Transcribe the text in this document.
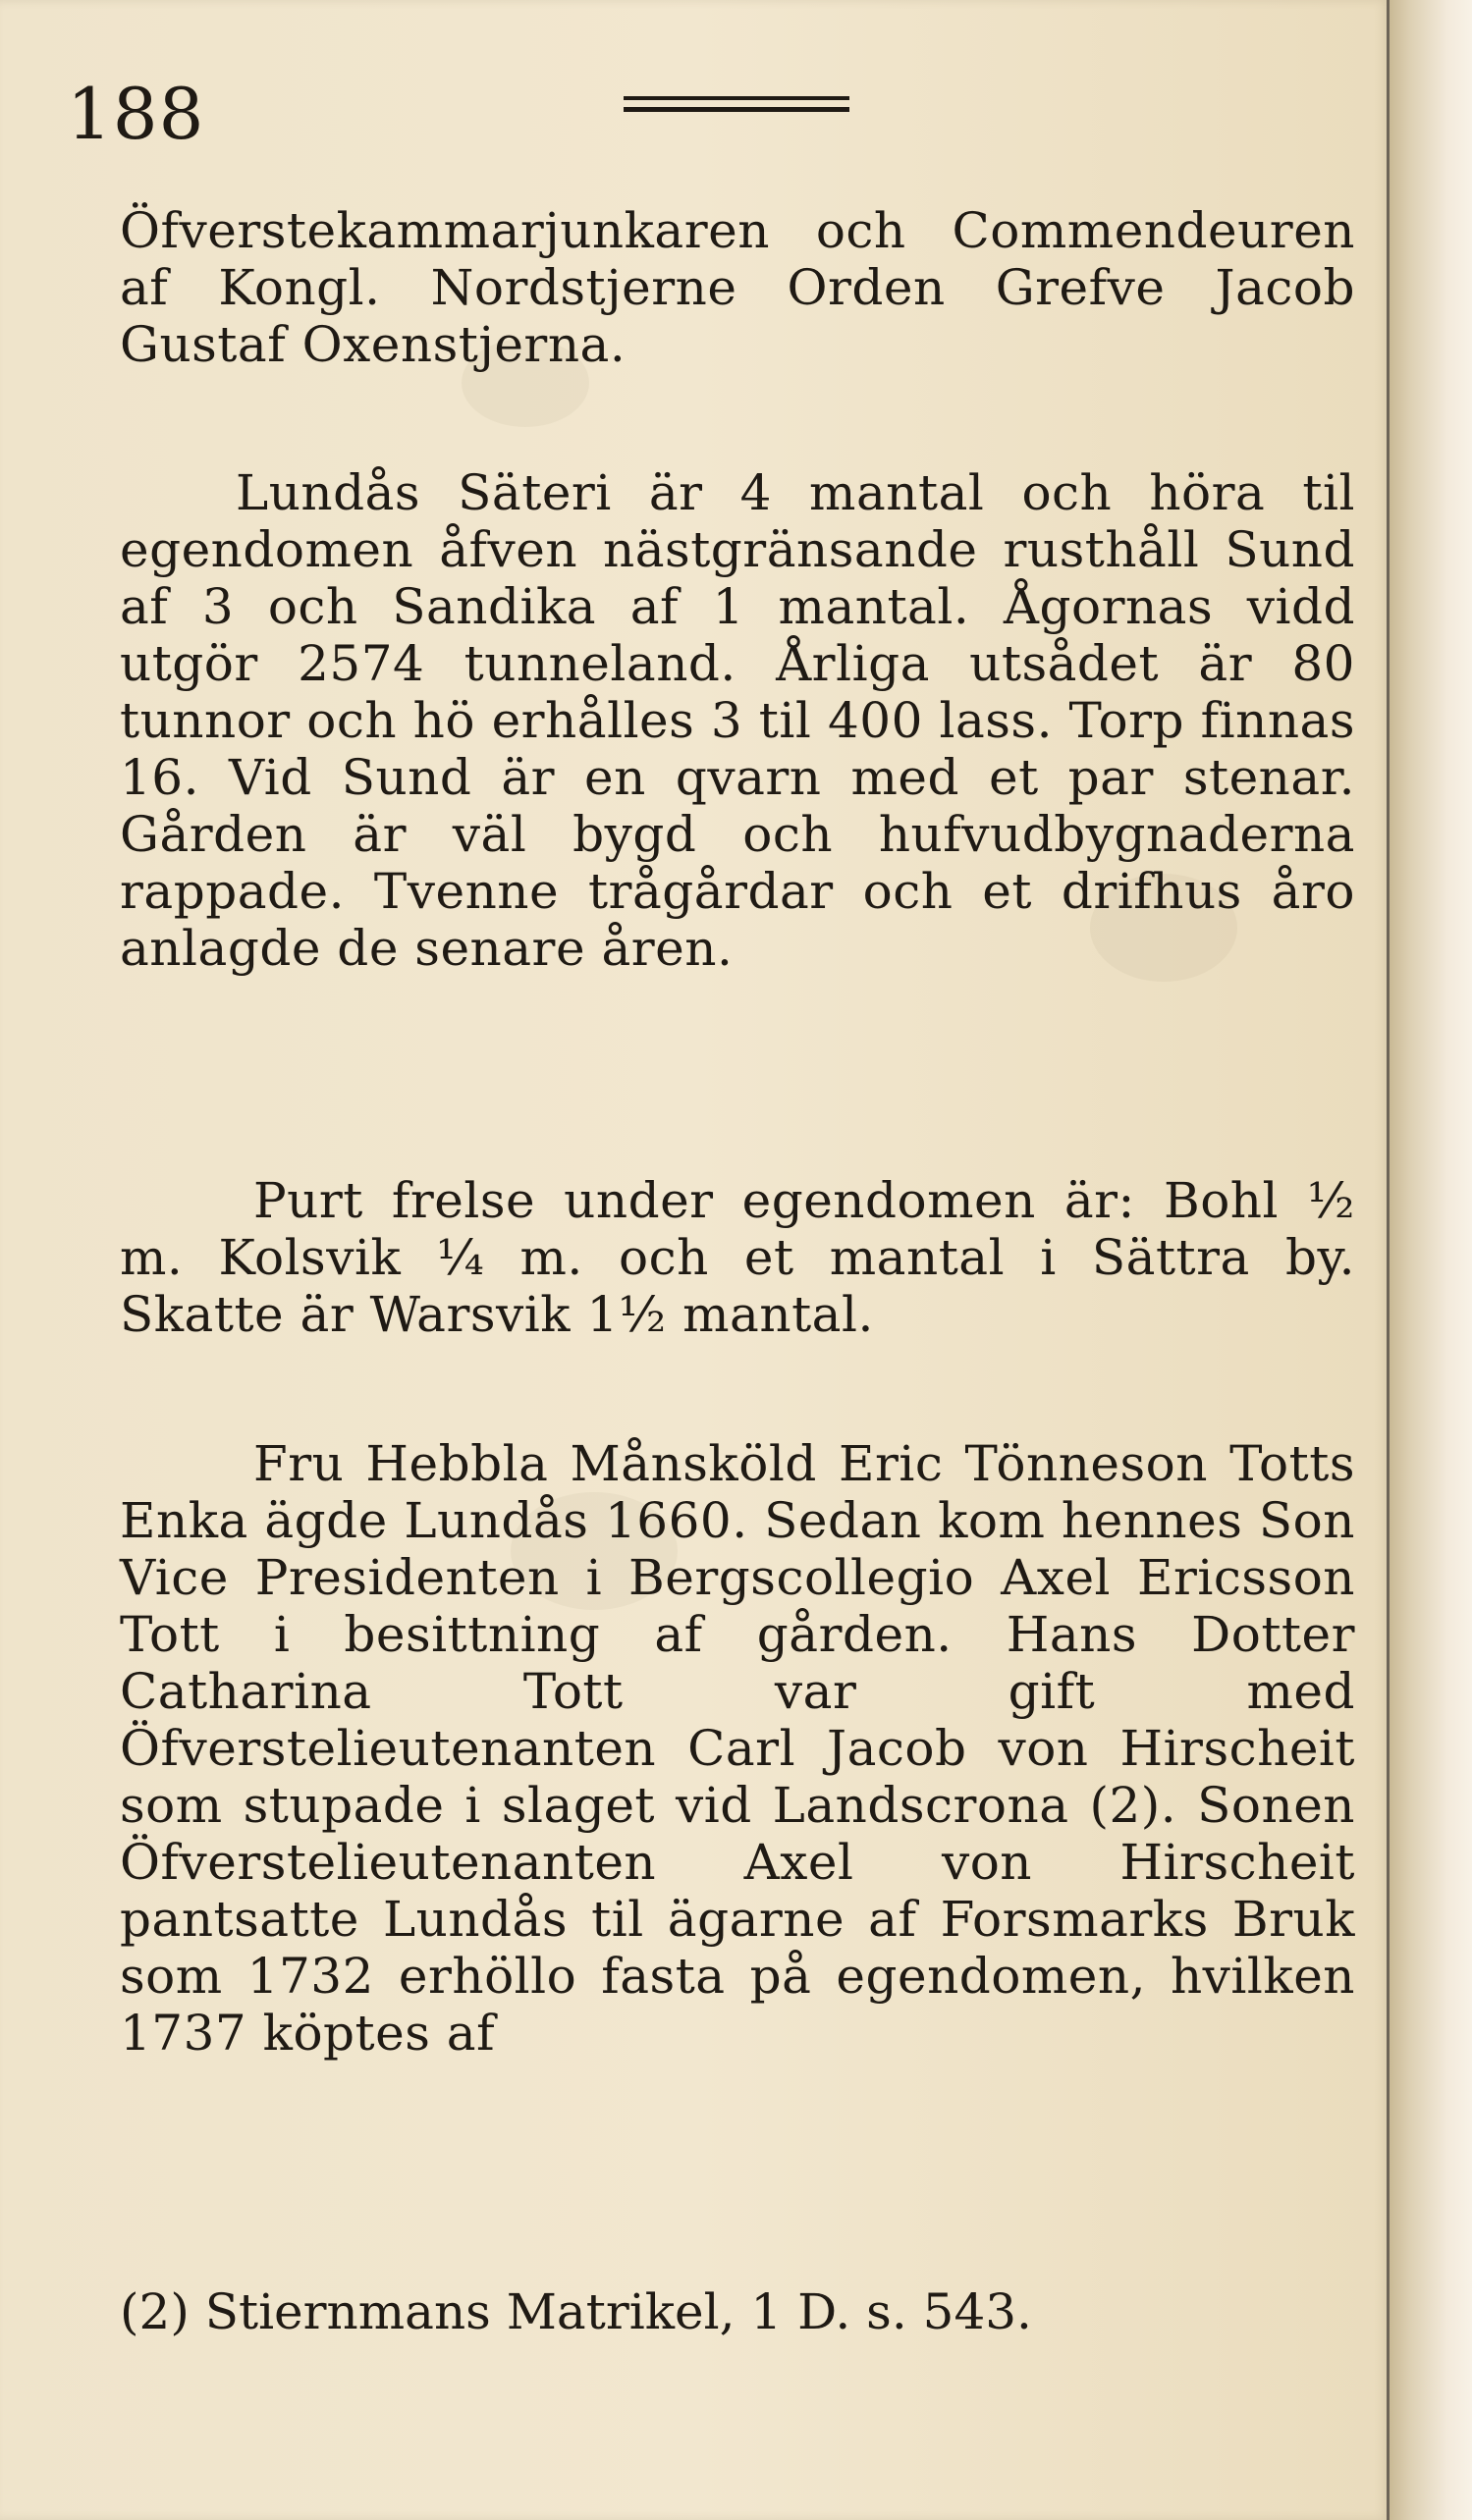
188

Öfverstekammarjunkaren och Commendeuren af Kongl. Nordstjerne Orden Grefve Jacob Gustaf Oxenstjerna.

Lundås Säteri är 4 mantal och höra til egendomen åfven nästgränsande rusthåll Sund af 3 och Sandika af 1 mantal. Ågornas vidd utgör 2574 tunneland. Årliga utsådet är 80 tunnor och hö erhålles 3 til 400 lass. Torp finnas 16. Vid Sund är en qvarn med et par stenar. Gården är väl bygd och hufvudbygnaderna rappade. Tvenne trågårdar och et drifhus åro anlagde de senare åren.

Purt frelse under egendomen är: Bohl ½ m. Kolsvik ¼ m. och et mantal i Sättra by. Skatte är Warsvik 1½ mantal.

Fru Hebbla Månsköld Eric Tönneson Totts Enka ägde Lundås 1660. Sedan kom hennes Son Vice Presidenten i Bergscollegio Axel Ericsson Tott i besittning af gården. Hans Dotter Catharina Tott var gift med Öfverstelieutenanten Carl Jacob von Hirscheit som stupade i slaget vid Landscrona (2). Sonen Öfverstelieutenanten Axel von Hirscheit pantsatte Lundås til ägarne af Forsmarks Bruk som 1732 erhöllo fasta på egendomen, hvilken 1737 köptes af

(2) Stiernmans Matrikel, 1 D. s. 543.
